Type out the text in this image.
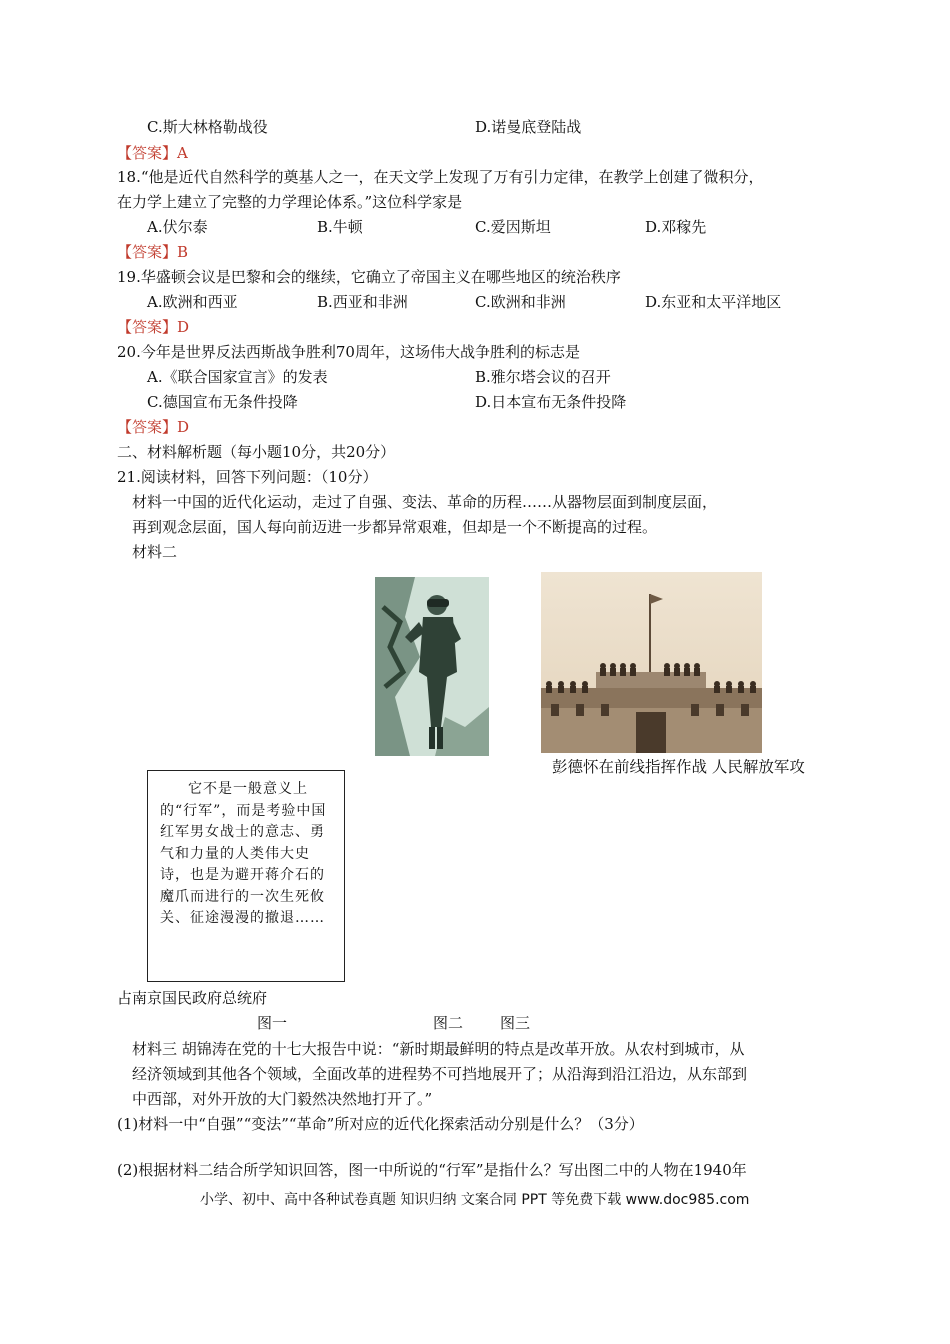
C.斯大林格勒战役	D.诺曼底登陆战
【答案】A
18.“他是近代自然科学的奠基人之一，在天文学上发现了万有引力定律，在教学上创建了微积分，
在力学上建立了完整的力学理论体系。”这位科学家是
A.伏尔泰	B.牛顿	C.爱因斯坦	D.邓稼先
【答案】B
19.华盛顿会议是巴黎和会的继续，它确立了帝国主义在哪些地区的统治秩序
A.欧洲和西亚	B.西亚和非洲	C.欧洲和非洲	D.东亚和太平洋地区
【答案】D
20.今年是世界反法西斯战争胜利70周年，这场伟大战争胜利的标志是
A.《联合国家宣言》的发表	B.雅尔塔会议的召开
C.德国宣布无条件投降	D.日本宣布无条件投降
【答案】D
二、材料解析题（每小题10分，共20分）
21.阅读材料，回答下列问题：（10分）
材料一中国的近代化运动，走过了自强、变法、革命的历程……从器物层面到制度层面，
再到观念层面，国人每向前迈进一步都异常艰难，但却是一个不断提高的过程。
材料二
彭德怀在前线指挥作战 人民解放军攻
它不是一般意义上的“行军”，而是考验中国红军男女战士的意志、勇气和力量的人类伟大史诗，也是为避开蒋介石的魔爪而进行的一次生死攸关、征途漫漫的撤退……
占南京国民政府总统府
图一	图二 图三
材料三 胡锦涛在党的十七大报告中说：“新时期最鲜明的特点是改革开放。从农村到城市，从
经济领域到其他各个领域，全面改革的进程势不可挡地展开了；从沿海到沿江沿边，从东部到
中西部，对外开放的大门毅然决然地打开了。”
(1)材料一中“自强”“变法”“革命”所对应的近代化探索活动分别是什么？（3分）
(2)根据材料二结合所学知识回答，图一中所说的“行军”是指什么？写出图二中的人物在1940年
小学、初中、高中各种试卷真题 知识归纳 文案合同 PPT 等免费下载 www.doc985.com
